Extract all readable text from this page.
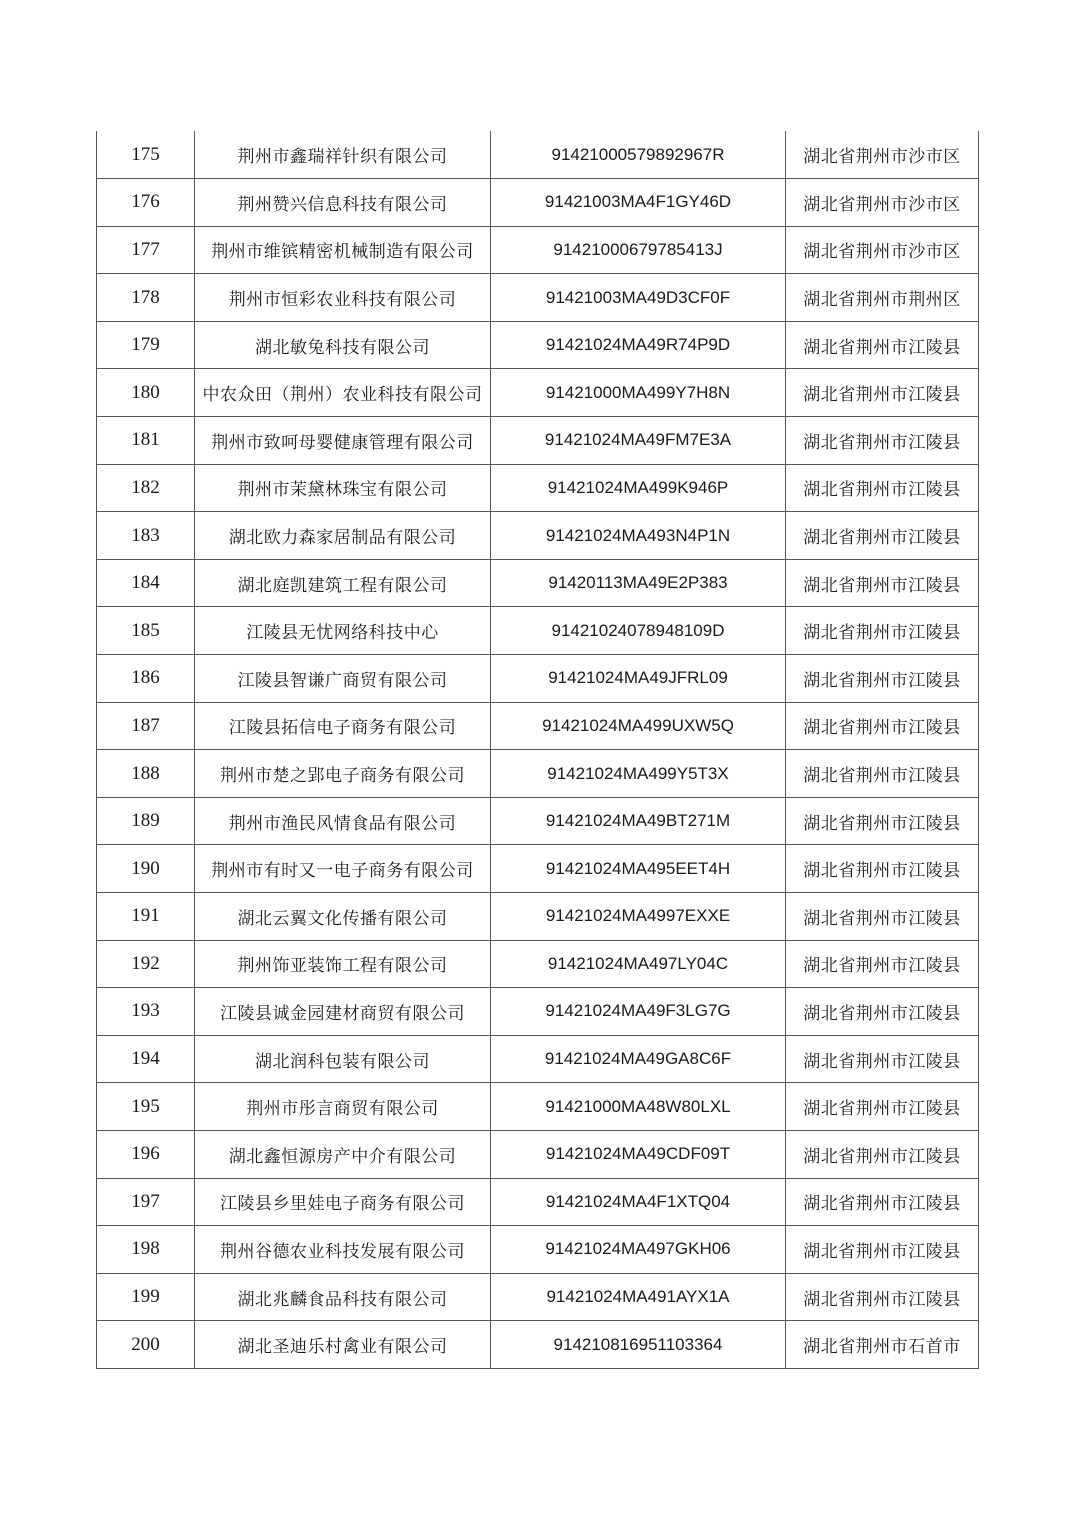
175	荆州市鑫瑞祥针织有限公司	91421000579892967R	湖北省荆州市沙市区
176	荆州赞兴信息科技有限公司	91421003MA4F1GY46D	湖北省荆州市沙市区
177	荆州市维镔精密机械制造有限公司	91421000679785413J	湖北省荆州市沙市区
178	荆州市恒彩农业科技有限公司	91421003MA49D3CF0F	湖北省荆州市荆州区
179	湖北敏兔科技有限公司	91421024MA49R74P9D	湖北省荆州市江陵县
180	中农众田（荆州）农业科技有限公司	91421000MA499Y7H8N	湖北省荆州市江陵县
181	荆州市致呵母婴健康管理有限公司	91421024MA49FM7E3A	湖北省荆州市江陵县
182	荆州市茉黛林珠宝有限公司	91421024MA499K946P	湖北省荆州市江陵县
183	湖北欧力森家居制品有限公司	91421024MA493N4P1N	湖北省荆州市江陵县
184	湖北庭凯建筑工程有限公司	91420113MA49E2P383	湖北省荆州市江陵县
185	江陵县无忧网络科技中心	91421024078948109D	湖北省荆州市江陵县
186	江陵县智谦广商贸有限公司	91421024MA49JFRL09	湖北省荆州市江陵县
187	江陵县拓信电子商务有限公司	91421024MA499UXW5Q	湖北省荆州市江陵县
188	荆州市楚之郢电子商务有限公司	91421024MA499Y5T3X	湖北省荆州市江陵县
189	荆州市渔民风情食品有限公司	91421024MA49BT271M	湖北省荆州市江陵县
190	荆州市有时又一电子商务有限公司	91421024MA495EET4H	湖北省荆州市江陵县
191	湖北云翼文化传播有限公司	91421024MA4997EXXE	湖北省荆州市江陵县
192	荆州饰亚装饰工程有限公司	91421024MA497LY04C	湖北省荆州市江陵县
193	江陵县诚金园建材商贸有限公司	91421024MA49F3LG7G	湖北省荆州市江陵县
194	湖北润科包装有限公司	91421024MA49GA8C6F	湖北省荆州市江陵县
195	荆州市彤言商贸有限公司	91421000MA48W80LXL	湖北省荆州市江陵县
196	湖北鑫恒源房产中介有限公司	91421024MA49CDF09T	湖北省荆州市江陵县
197	江陵县乡里娃电子商务有限公司	91421024MA4F1XTQ04	湖北省荆州市江陵县
198	荆州谷德农业科技发展有限公司	91421024MA497GKH06	湖北省荆州市江陵县
199	湖北兆麟食品科技有限公司	91421024MA491AYX1A	湖北省荆州市江陵县
200	湖北圣迪乐村禽业有限公司	914210816951103364	湖北省荆州市石首市
